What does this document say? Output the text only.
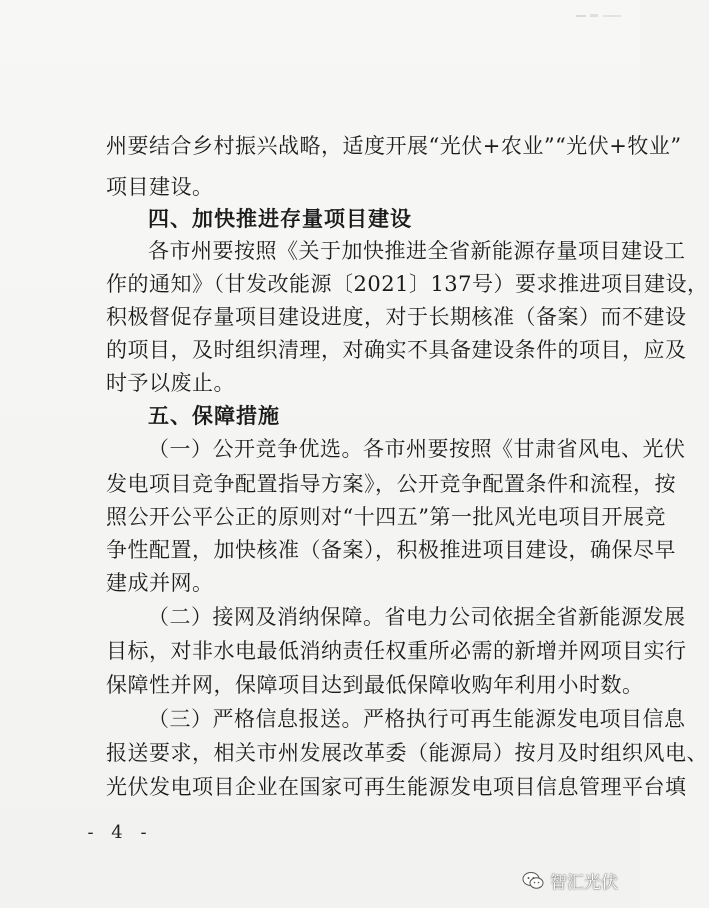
州要结合乡村振兴战略，适度开展“光伏+农业”“光伏+牧业”
项目建设。
四、加快推进存量项目建设
各市州要按照《关于加快推进全省新能源存量项目建设工
作的通知》（甘发改能源〔2021〕137号）要求推进项目建设，
积极督促存量项目建设进度，对于长期核准（备案）而不建设
的项目，及时组织清理，对确实不具备建设条件的项目，应及
时予以废止。
五、保障措施
（一）公开竞争优选。各市州要按照《甘肃省风电、光伏
发电项目竞争配置指导方案》，公开竞争配置条件和流程，按
照公开公平公正的原则对“十四五”第一批风光电项目开展竞
争性配置，加快核准（备案），积极推进项目建设，确保尽早
建成并网。
（二）接网及消纳保障。省电力公司依据全省新能源发展
目标，对非水电最低消纳责任权重所必需的新增并网项目实行
保障性并网，保障项目达到最低保障收购年利用小时数。
（三）严格信息报送。严格执行可再生能源发电项目信息
报送要求，相关市州发展改革委（能源局）按月及时组织风电、
光伏发电项目企业在国家可再生能源发电项目信息管理平台填
- 4 -
智汇光伏
